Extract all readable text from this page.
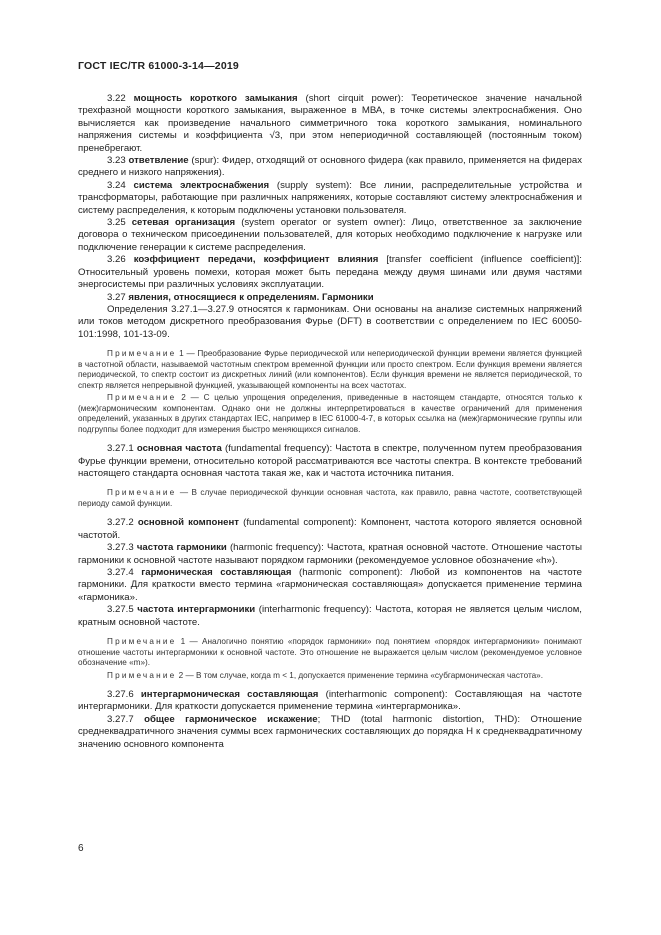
ГОСТ IEC/TR 61000-3-14—2019

3.22 мощность короткого замыкания (short cirquit power): Теоретическое значение начальной трехфазной мощности короткого замыкания, выраженное в МВА, в точке системы электроснабжения. Оно вычисляется как произведение начального симметричного тока короткого замыкания, номинального напряжения системы и коэффициента √3, при этом непериодичной составляющей (постоянным током) пренебрегают.

3.23 ответвление (spur): Фидер, отходящий от основного фидера (как правило, применяется на фидерах среднего и низкого напряжения).

3.24 система электроснабжения (supply system): Все линии, распределительные устройства и трансформаторы, работающие при различных напряжениях, которые составляют систему электроснабжения и систему распределения, к которым подключены установки пользователя.

3.25 сетевая организация (system operator or system owner): Лицо, ответственное за заключение договора о техническом присоединении пользователей, для которых необходимо подключение к нагрузке или подключение генерации к системе распределения.

3.26 коэффициент передачи, коэффициент влияния [transfer coefficient (influence coefficient)]: Относительный уровень помехи, которая может быть передана между двумя шинами или двумя частями энергосистемы при различных условиях эксплуатации.

3.27 явления, относящиеся к определениям. Гармоники

Определения 3.27.1—3.27.9 относятся к гармоникам. Они основаны на анализе системных напряжений или токов методом дискретного преобразования Фурье (DFT) в соответствии с определением по IEC 60050-101:1998, 101-13-09.

Примечание 1 — Преобразование Фурье периодической или непериодической функции времени является функцией в частотной области, называемой частотным спектром временной функции или просто спектром. Если функция времени является периодической, то спектр состоит из дискретных линий (или компонентов). Если функция времени не является периодической, то спектр является непрерывной функцией, указывающей компоненты на всех частотах.

Примечание 2 — С целью упрощения определения, приведенные в настоящем стандарте, относятся только к (меж)гармоническим компонентам. Однако они не должны интерпретироваться в качестве ограничений для применения определений, указанных в других стандартах IEC, например в IEC 61000-4-7, в которых ссылка на (меж)гармонические группы или подгруппы более подходит для измерения быстро меняющихся сигналов.

3.27.1 основная частота (fundamental frequency): Частота в спектре, полученном путем преобразования Фурье функции времени, относительно которой рассматриваются все частоты спектра. В контексте требований настоящего стандарта основная частота такая же, как и частота источника питания.

Примечание — В случае периодической функции основная частота, как правило, равна частоте, соответствующей периоду самой функции.

3.27.2 основной компонент (fundamental component): Компонент, частота которого является основной частотой.

3.27.3 частота гармоники (harmonic frequency): Частота, кратная основной частоте. Отношение частоты гармоники к основной частоте называют порядком гармоники (рекомендуемое условное обозначение «h»).

3.27.4 гармоническая составляющая (harmonic component): Любой из компонентов на частоте гармоники. Для краткости вместо термина «гармоническая составляющая» допускается применение термина «гармоника».

3.27.5 частота интергармоники (interharmonic frequency): Частота, которая не является целым числом, кратным основной частоте.

Примечание 1 — Аналогично понятию «порядок гармоники» под понятием «порядок интергармоники» понимают отношение частоты интергармоники к основной частоте. Это отношение не выражается целым числом (рекомендуемое условное обозначение «m»).

Примечание 2 — В том случае, когда m < 1, допускается применение термина «субгармоническая частота».

3.27.6 интергармоническая составляющая (interharmonic component): Составляющая на частоте интергармоники. Для краткости допускается применение термина «интергармоника».

3.27.7 общее гармоническое искажение; THD (total harmonic distortion, THD): Отношение среднеквадратичного значения суммы всех гармонических составляющих до порядка H к среднеквадратичному значению основного компонента

6
